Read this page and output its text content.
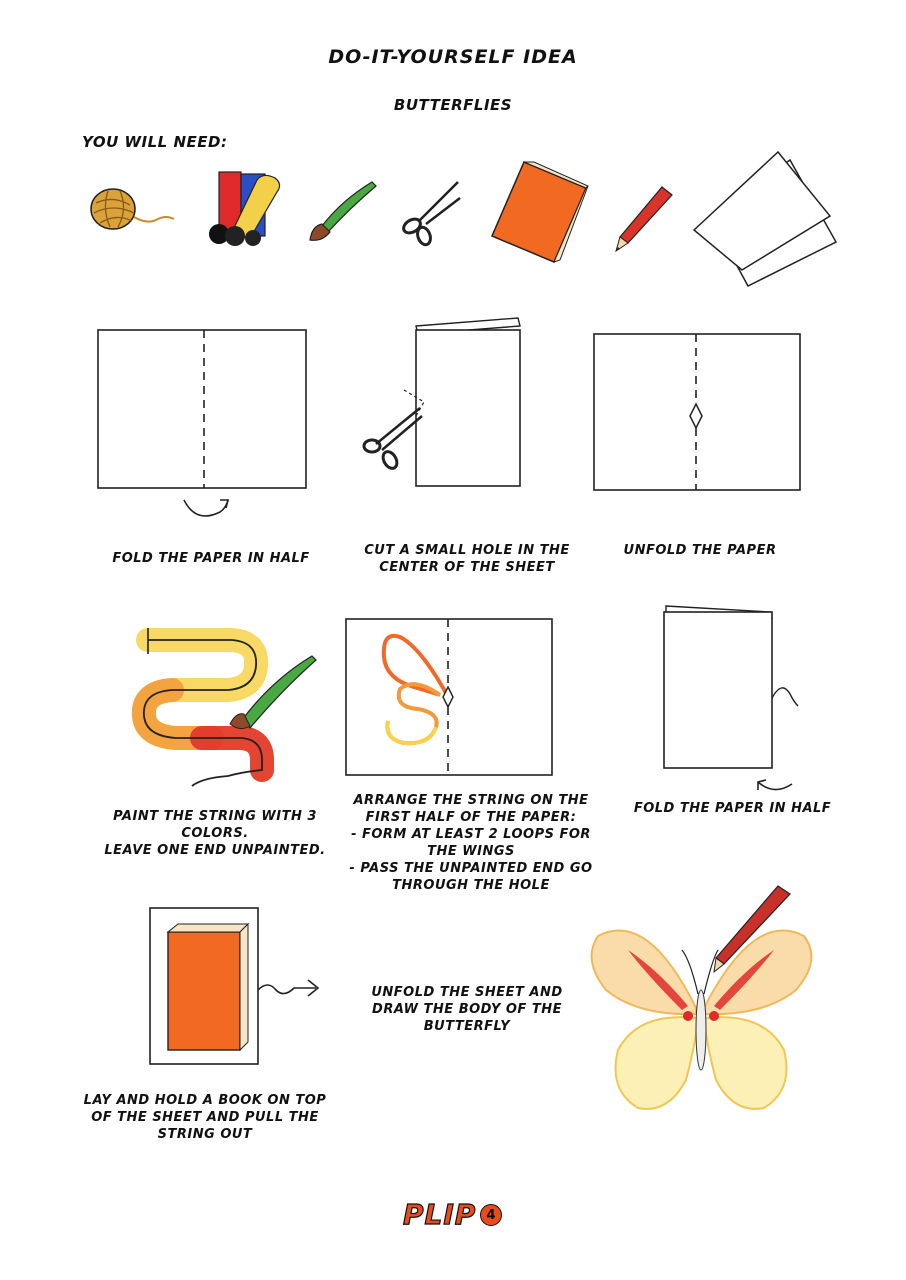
DO-IT-YOURSELF IDEA
BUTTERFLIES
YOU WILL NEED:
FOLD THE PAPER IN HALF
CUT A SMALL HOLE IN THE
CENTER OF THE SHEET
UNFOLD THE PAPER
PAINT THE STRING WITH 3 COLORS.
LEAVE ONE END UNPAINTED.
ARRANGE THE STRING ON THE
FIRST HALF OF THE PAPER:
- FORM AT LEAST 2 LOOPS FOR
THE WINGS
- PASS THE UNPAINTED END GO
THROUGH THE HOLE
FOLD THE PAPER IN HALF
LAY AND HOLD A BOOK ON TOP
OF THE SHEET AND PULL THE
STRING OUT
UNFOLD THE SHEET AND
DRAW THE BODY OF THE
BUTTERFLY
PLIP 4
